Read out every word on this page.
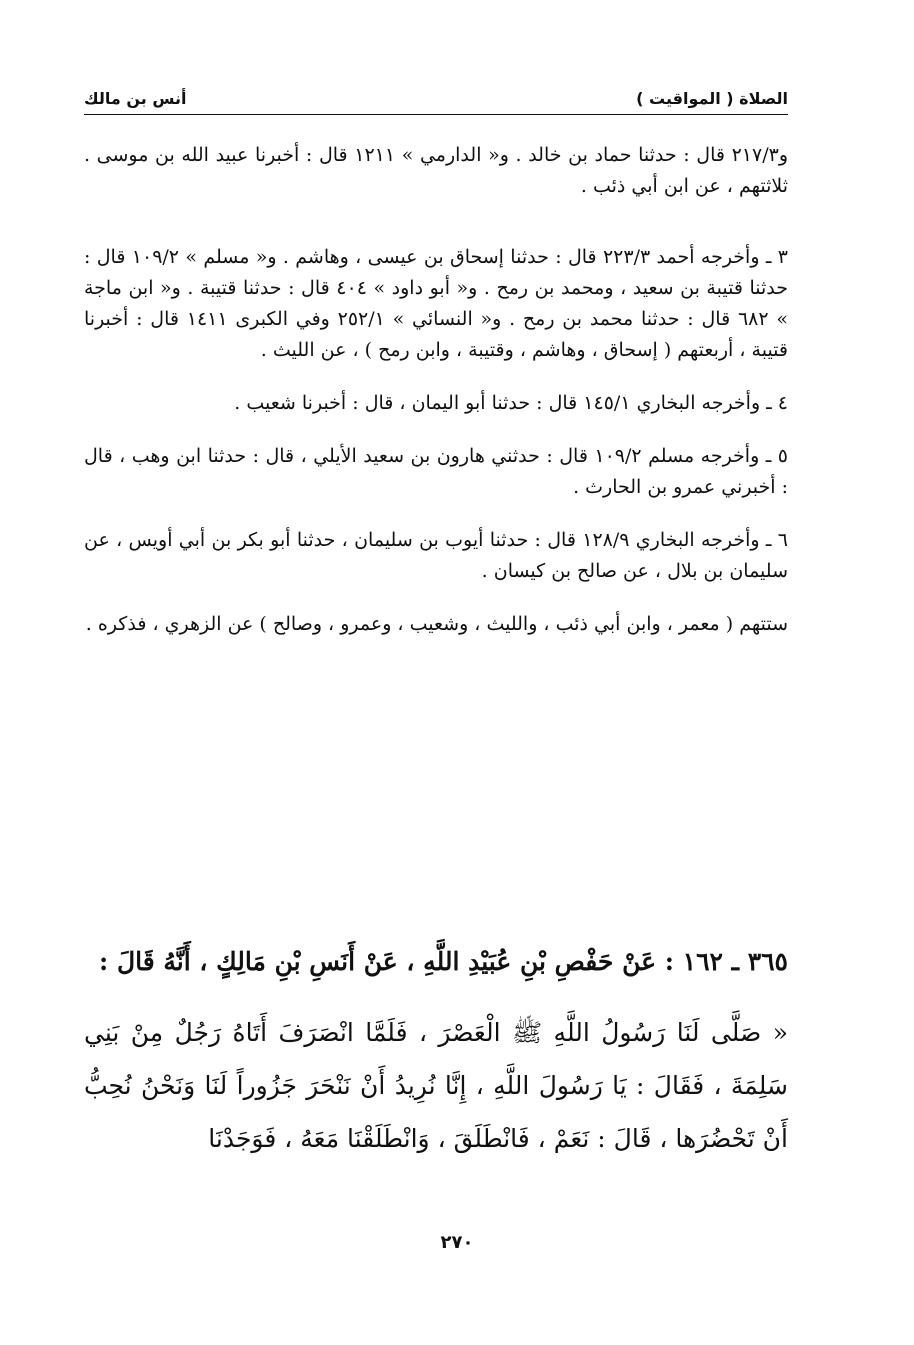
الصلاة ( المواقيت )
أنس بن مالك

و٢١٧/٣ قال : حدثنا حماد بن خالد . و« الدارمي » ١٢١١ قال : أخبرنا عبيد الله بن موسى . ثلاثتهم ، عن ابن أبي ذئب .

٣ ـ وأخرجه أحمد ٢٢٣/٣ قال : حدثنا إسحاق بن عيسى ، وهاشم . و« مسلم » ١٠٩/٢ قال : حدثنا قتيبة بن سعيد ، ومحمد بن رمح . و« أبو داود » ٤٠٤ قال : حدثنا قتيبة . و« ابن ماجة » ٦٨٢ قال : حدثنا محمد بن رمح . و« النسائي » ٢٥٢/١ وفي الكبرى ١٤١١ قال : أخبرنا قتيبة ، أربعتهم ( إسحاق ، وهاشم ، وقتيبة ، وابن رمح ) ، عن الليث .

٤ ـ وأخرجه البخاري ١٤٥/١ قال : حدثنا أبو اليمان ، قال : أخبرنا شعيب .

٥ ـ وأخرجه مسلم ١٠٩/٢ قال : حدثني هارون بن سعيد الأيلي ، قال : حدثنا ابن وهب ، قال : أخبرني عمرو بن الحارث .

٦ ـ وأخرجه البخاري ١٢٨/٩ قال : حدثنا أيوب بن سليمان ، حدثنا أبو بكر بن أبي أويس ، عن سليمان بن بلال ، عن صالح بن كيسان .

ستتهم ( معمر ، وابن أبي ذئب ، والليث ، وشعيب ، وعمرو ، وصالح ) عن الزهري ، فذكره .

٣٦٥ ـ ١٦٢ : عَنْ حَفْصِ بْنِ عُبَيْدِ اللَّهِ ، عَنْ أَنَسِ بْنِ مَالِكٍ ، أَنَّهُ قَالَ :

« صَلَّى لَنَا رَسُولُ اللَّهِ ﷺ الْعَصْرَ ، فَلَمَّا انْصَرَفَ أَتَاهُ رَجُلٌ مِنْ بَنِي سَلِمَةَ ، فَقَالَ : يَا رَسُولَ اللَّهِ ، إِنَّا نُرِيدُ أَنْ نَنْحَرَ جَزُوراً لَنَا وَنَحْنُ نُحِبُّ أَنْ تَحْضُرَها ، قَالَ : نَعَمْ ، فَانْطَلَقَ ، وَانْطَلَقْنَا مَعَهُ ، فَوَجَدْنَا

٢٧٠
